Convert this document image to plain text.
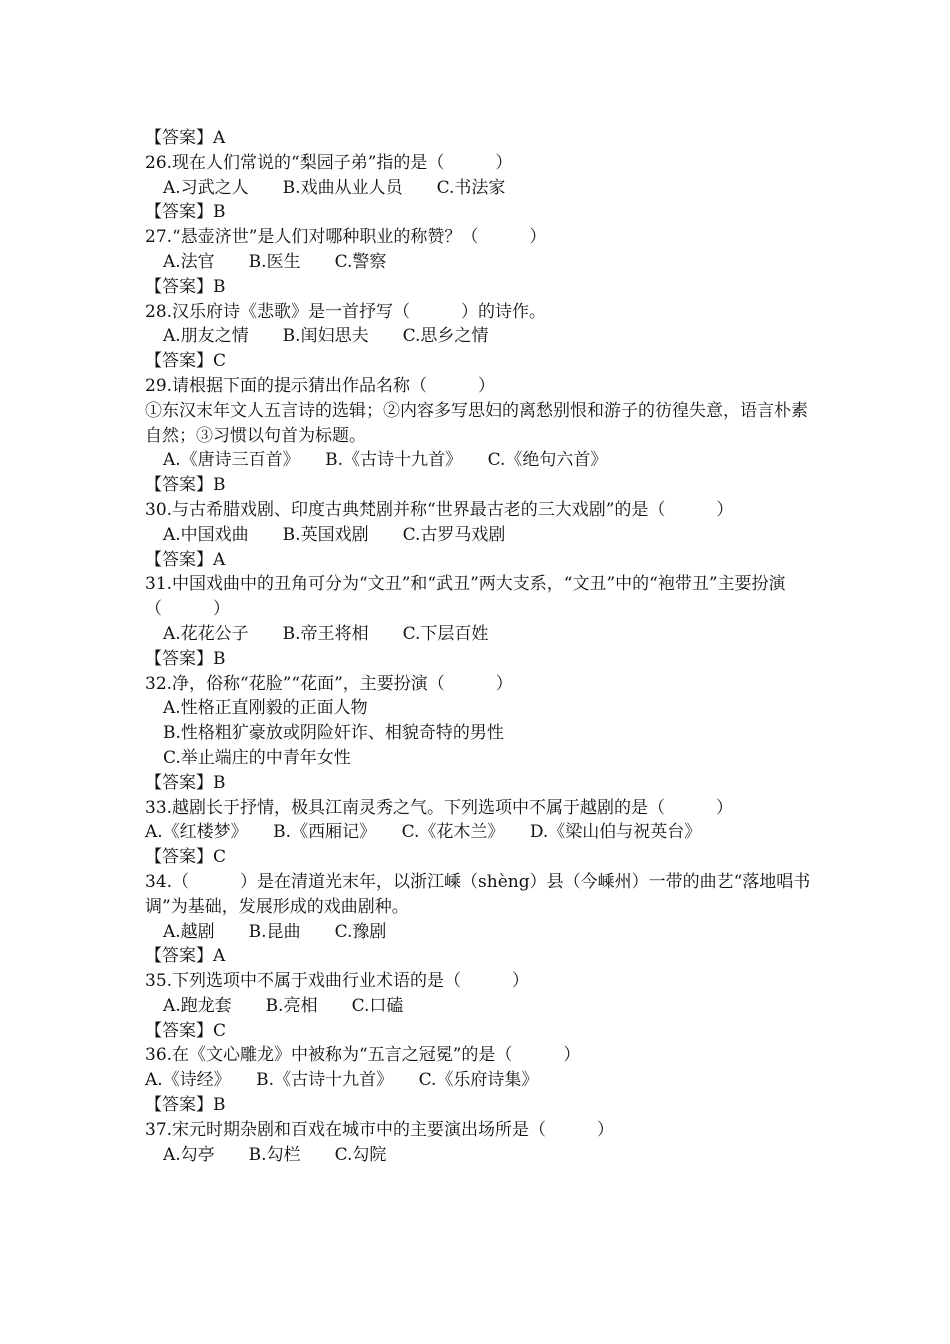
【答案】A
26.现在人们常说的“梨园子弟”指的是（　　　）
A.习武之人　　B.戏曲从业人员　　C.书法家
【答案】B
27.“悬壶济世”是人们对哪种职业的称赞？（　　　）
A.法官　　B.医生　　C.警察
【答案】B
28.汉乐府诗《悲歌》是一首抒写（　　　）的诗作。
A.朋友之情　　B.闺妇思夫　　C.思乡之情
【答案】C
29.请根据下面的提示猜出作品名称（　　　）
①东汉末年文人五言诗的选辑；②内容多写思妇的离愁别恨和游子的彷徨失意，语言朴素自然；③习惯以句首为标题。
A.《唐诗三百首》　　B.《古诗十九首》　　C.《绝句六首》
【答案】B
30.与古希腊戏剧、印度古典梵剧并称“世界最古老的三大戏剧”的是（　　　）
A.中国戏曲　　B.英国戏剧　　C.古罗马戏剧
【答案】A
31.中国戏曲中的丑角可分为“文丑”和“武丑”两大支系，“文丑”中的“袍带丑”主要扮演（　　　）
A.花花公子　　B.帝王将相　　C.下层百姓
【答案】B
32.净，俗称“花脸”“花面”，主要扮演（　　　）
A.性格正直刚毅的正面人物
B.性格粗犷豪放或阴险奸诈、相貌奇特的男性
C.举止端庄的中青年女性
【答案】B
33.越剧长于抒情，极具江南灵秀之气。下列选项中不属于越剧的是（　　　）
A.《红楼梦》　　B.《西厢记》　　C.《花木兰》　　D.《梁山伯与祝英台》
【答案】C
34.（　　　）是在清道光末年，以浙江嵊（shèng）县（今嵊州）一带的曲艺“落地唱书调”为基础，发展形成的戏曲剧种。
A.越剧　　B.昆曲　　C.豫剧
【答案】A
35.下列选项中不属于戏曲行业术语的是（　　　）
A.跑龙套　　B.亮相　　C.口磕
【答案】C
36.在《文心雕龙》中被称为“五言之冠冕”的是（　　　）
A.《诗经》　　B.《古诗十九首》　　C.《乐府诗集》
【答案】B
37.宋元时期杂剧和百戏在城市中的主要演出场所是（　　　）
A.勾亭　　B.勾栏　　C.勾院
